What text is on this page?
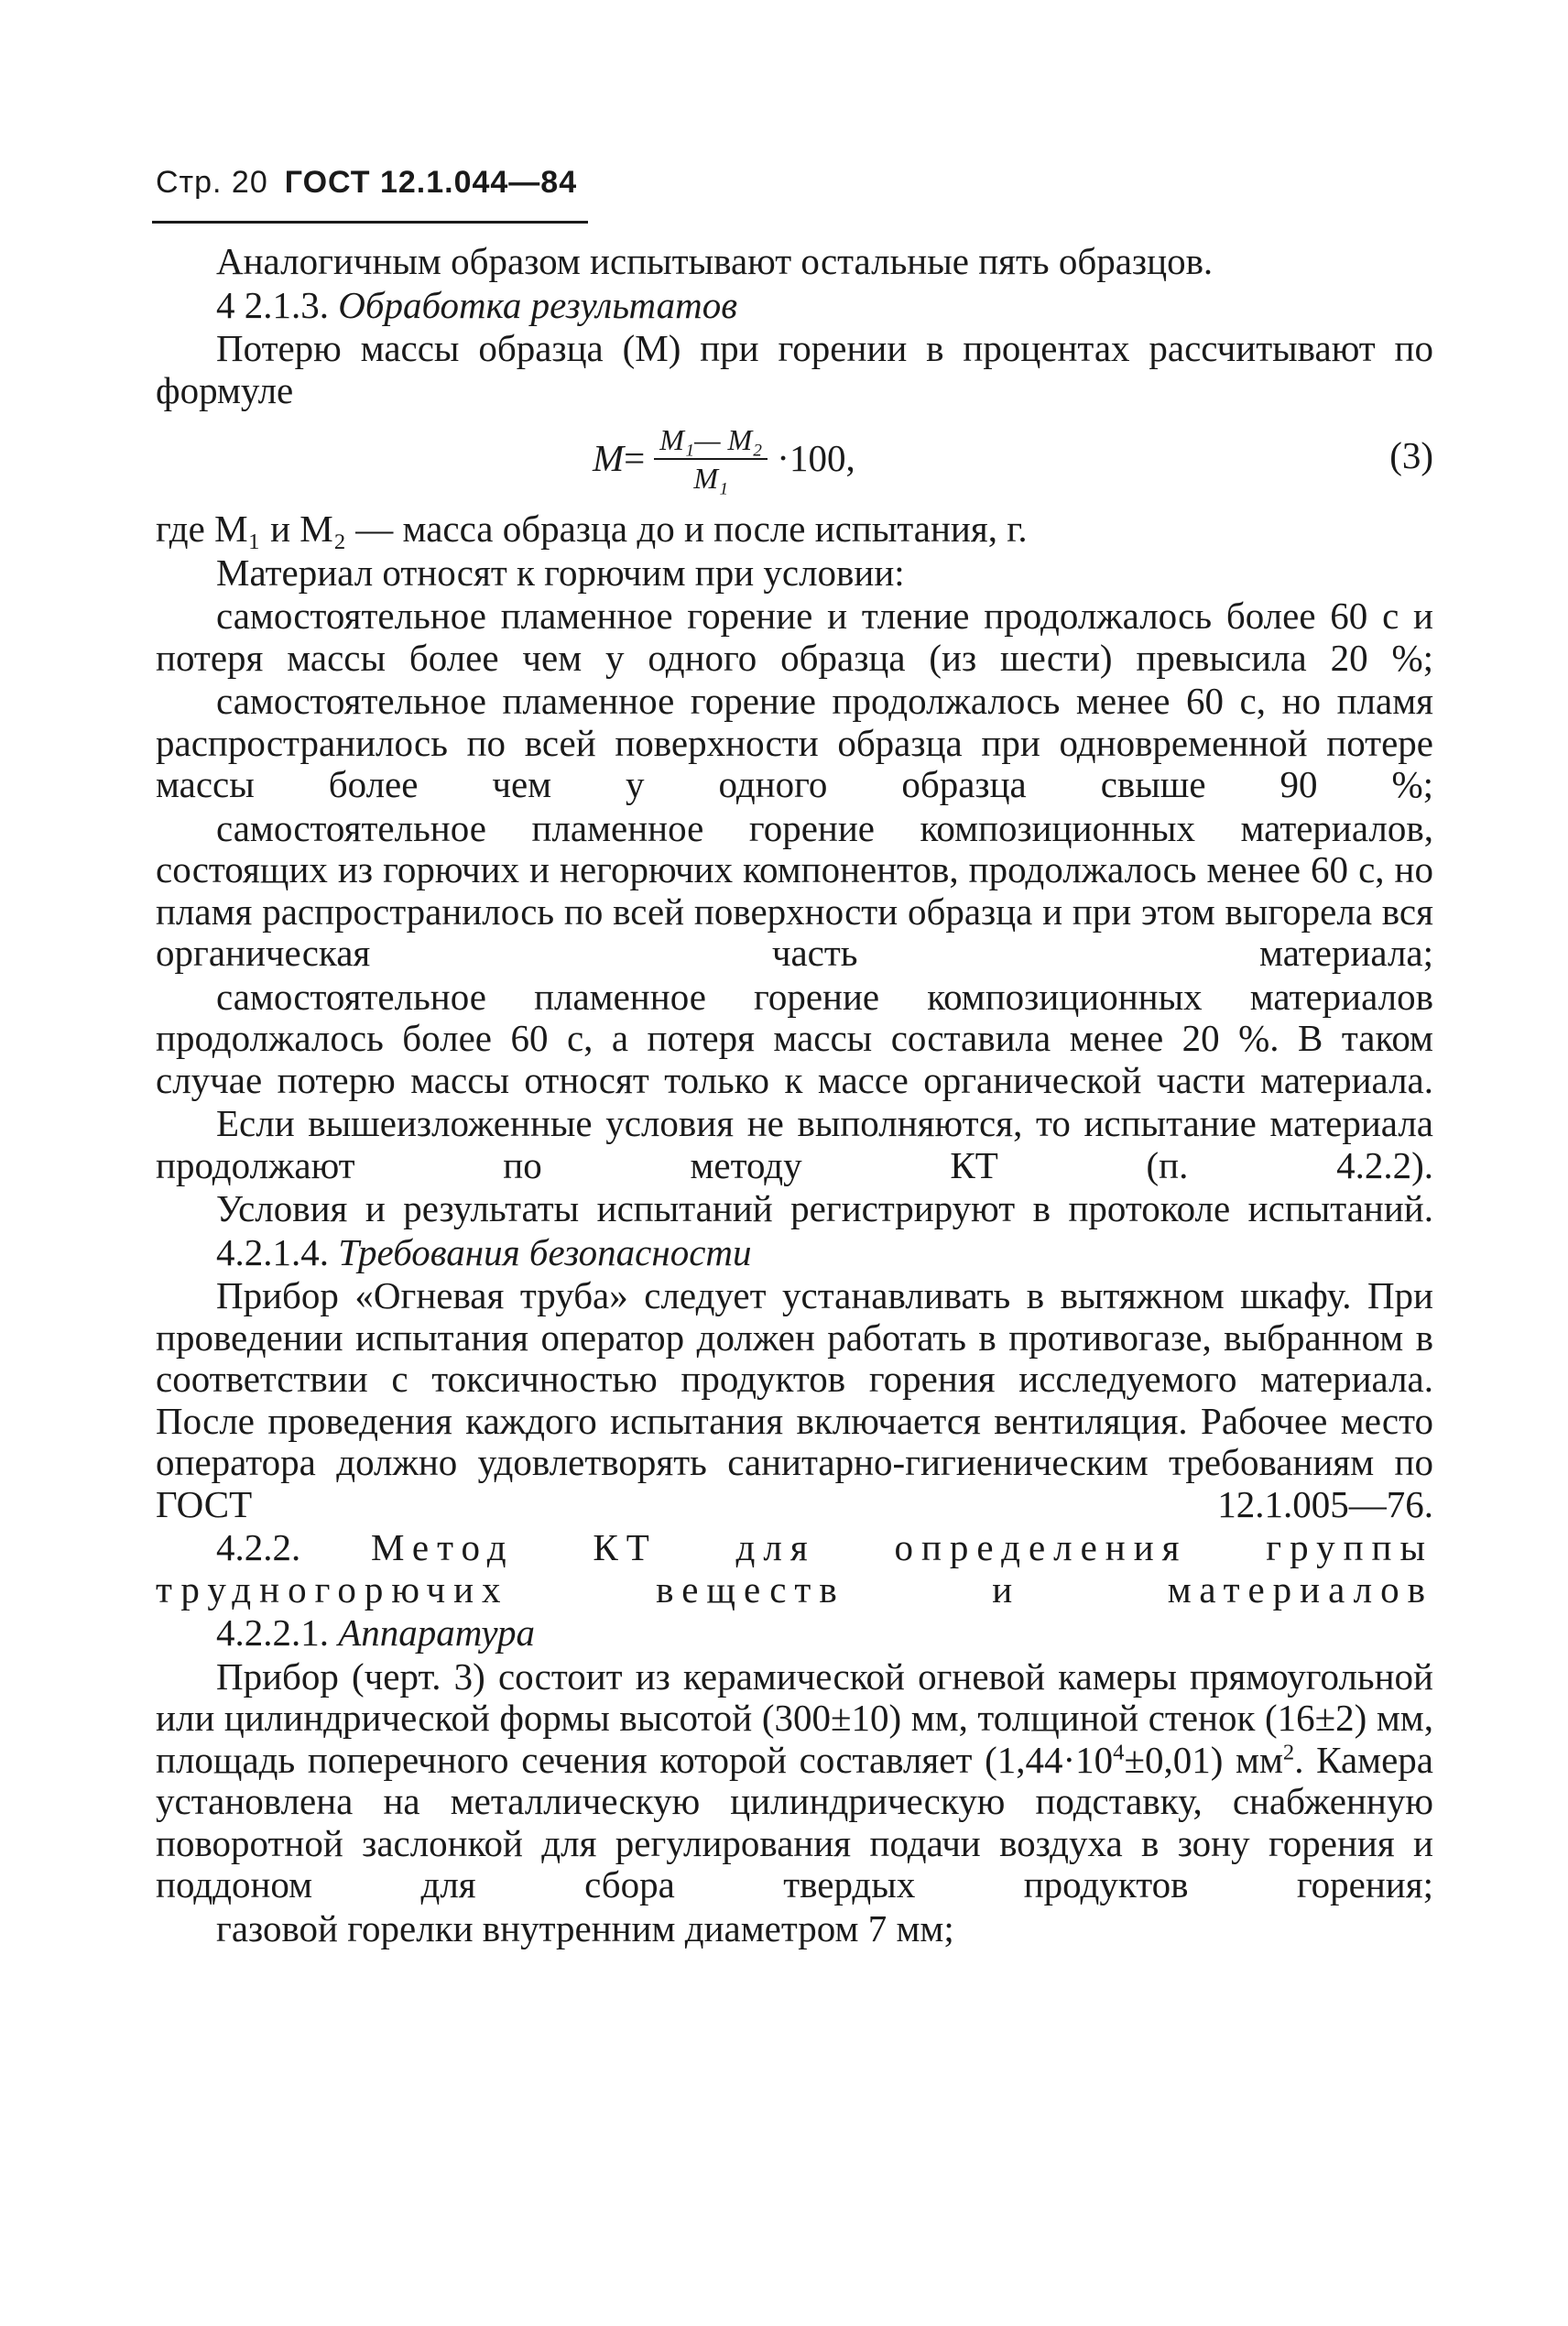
Стр. 20 ГОСТ 12.1.044—84

Аналогичным образом испытывают остальные пять образцов.

4 2.1.3. Обработка результатов

Потерю массы образца (М) при горении в процентах рассчитывают по формуле

$M = \frac{\text{M₁— M₂}}{\text{M₁}} \cdot 100$,	(3)

где M₁ и M₂ — масса образца до и после испытания, г.

Материал относят к горючим при условии:

самостоятельное пламенное горение и тление продолжалось более 60 с и потеря массы более чем у одного образца (из шести) превысила 20 %;

самостоятельное пламенное горение продолжалось менее 60 с, но пламя распространилось по всей поверхности образца при одновременной потере массы более чем у одного образца свыше 90 %;

самостоятельное пламенное горение композиционных материалов, состоящих из горючих и негорючих компонентов, продолжалось менее 60 с, но пламя распространилось по всей поверхности образца и при этом выгорела вся органическая часть материала;

самостоятельное пламенное горение композиционных материалов продолжалось более 60 с, а потеря массы составила менее 20 %. В таком случае потерю массы относят только к массе органической части материала.

Если вышеизложенные условия не выполняются, то испытание материала продолжают по методу КТ (п. 4.2.2).

Условия и результаты испытаний регистрируют в протоколе испытаний.

4.2.1.4. Требования безопасности

Прибор «Огневая труба» следует устанавливать в вытяжном шкафу. При проведении испытания оператор должен работать в противогазе, выбранном в соответствии с токсичностью продуктов горения исследуемого материала. После проведения каждого испытания включается вентиляция. Рабочее место оператора должно удовлетворять санитарно-гигиеническим требованиям по ГОСТ 12.1.005—76.

4.2.2. Метод КТ для определения группы трудногорючих веществ и материалов

4.2.2.1. Аппаратура

Прибор (черт. 3) состоит из керамической огневой камеры прямоугольной или цилиндрической формы высотой (300±10) мм, толщиной стенок (16±2) мм, площадь поперечного сечения которой составляет $(1,44\cdot 10^4\pm 0,01)$ $мм^2$. Камера установлена на металлическую цилиндрическую подставку, снабженную поворотной заслонкой для регулирования подачи воздуха в зону горения и поддоном для сбора твердых продуктов горения;

газовой горелки внутренним диаметром 7 мм;
